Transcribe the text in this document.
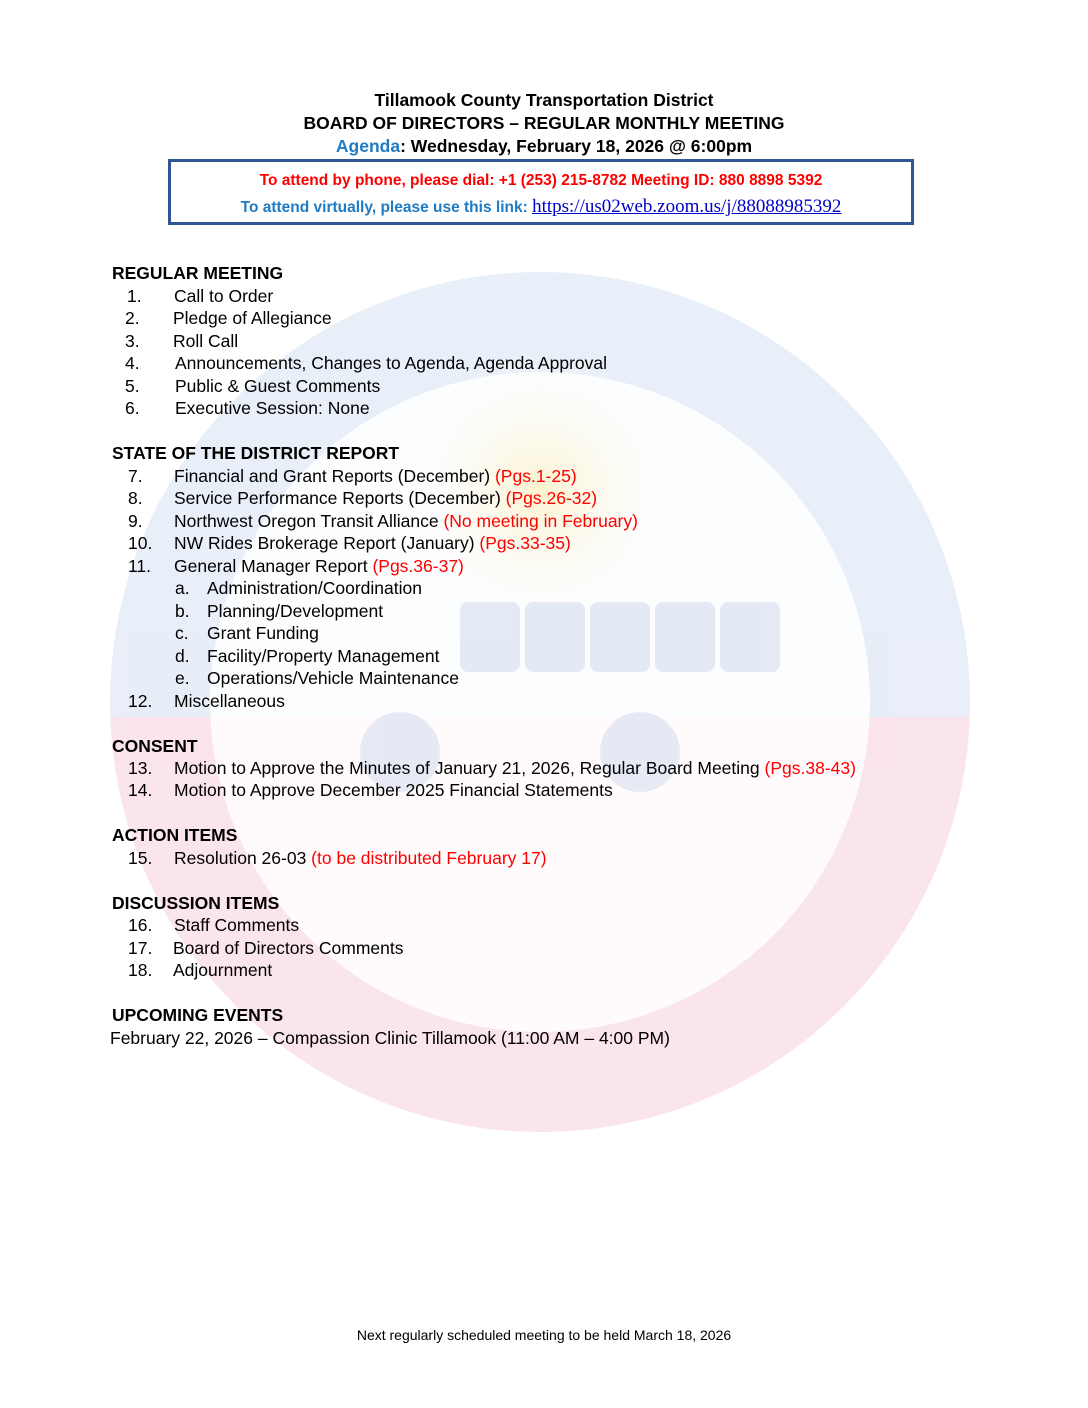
Tillamook County Transportation District
BOARD OF DIRECTORS – REGULAR MONTHLY MEETING
Agenda: Wednesday, February 18, 2026 @ 6:00pm
To attend by phone, please dial: +1 (253) 215-8782 Meeting ID: 880 8898 5392
To attend virtually, please use this link: https://us02web.zoom.us/j/88088985392
REGULAR MEETING
1. Call to Order
2. Pledge of Allegiance
3. Roll Call
4. Announcements, Changes to Agenda, Agenda Approval
5. Public & Guest Comments
6. Executive Session: None
STATE OF THE DISTRICT REPORT
7. Financial and Grant Reports (December) (Pgs.1-25)
8. Service Performance Reports (December) (Pgs.26-32)
9. Northwest Oregon Transit Alliance (No meeting in February)
10. NW Rides Brokerage Report (January) (Pgs.33-35)
11. General Manager Report (Pgs.36-37)
a. Administration/Coordination
b. Planning/Development
c. Grant Funding
d. Facility/Property Management
e. Operations/Vehicle Maintenance
12. Miscellaneous
CONSENT
13. Motion to Approve the Minutes of January 21, 2026, Regular Board Meeting (Pgs.38-43)
14. Motion to Approve December 2025 Financial Statements
ACTION ITEMS
15. Resolution 26-03 (to be distributed February 17)
DISCUSSION ITEMS
16. Staff Comments
17. Board of Directors Comments
18. Adjournment
UPCOMING EVENTS
February 22, 2026 – Compassion Clinic Tillamook (11:00 AM – 4:00 PM)
Next regularly scheduled meeting to be held March 18, 2026
